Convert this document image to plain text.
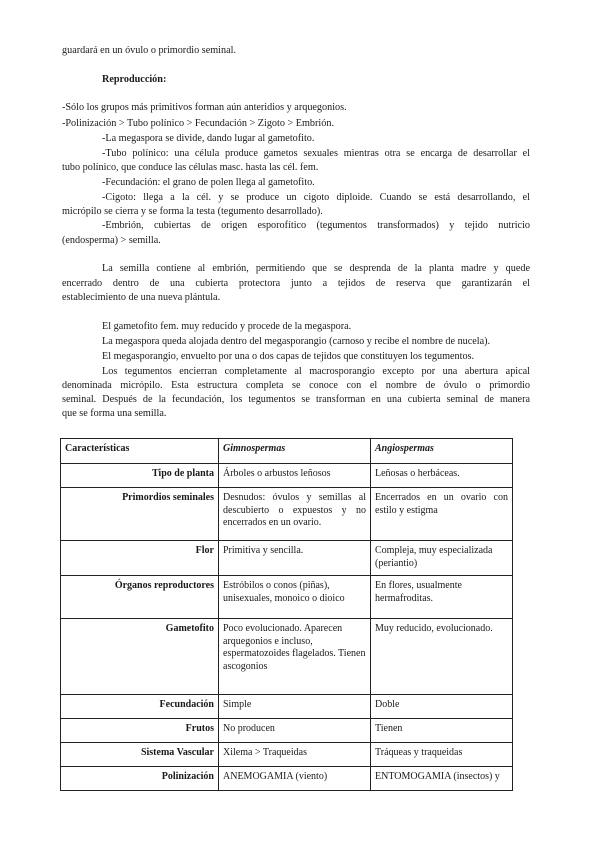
guardará en un óvulo o primordio seminal.
Reproducción:
-Sólo los grupos más primitivos forman aún anteridios y arquegonios.
-Polinización > Tubo polínico > Fecundación > Zigoto > Embrión.
-La megaspora se divide, dando lugar al gametofito.
-Tubo polínico: una célula produce gametos sexuales mientras otra se encarga de desarrollar el
tubo polínico, que conduce las células masc. hasta las cél. fem.
-Fecundación: el grano de polen llega al gametofito.
-Cigoto: llega a la cél. y se produce un cigoto diploide. Cuando se está desarrollando, el
micrópilo se cierra y se forma la testa (tegumento desarrollado).
-Embrión, cubiertas de origen esporofítico (tegumentos transformados) y tejido nutricio
(endosperma) > semilla.
La semilla contiene al embrión, permitiendo que se desprenda de la planta madre y quede
encerrado dentro de una cubierta protectora junto a tejidos de reserva que garantizarán el
establecimiento de una nueva plántula.
El gametofito fem. muy reducido y procede de la megaspora.
La megaspora queda alojada dentro del megasporangio (carnoso y recibe el nombre de nucela).
El megasporangio, envuelto por una o dos capas de tejidos que constituyen los tegumentos.
Los tegumentos encierran completamente al macrosporangio excepto por una abertura apical
denominada micrópilo. Esta estructura completa se conoce con el nombre de óvulo o primordio
seminal. Después de la fecundación, los tegumentos se transforman en una cubierta seminal de manera
que se forma una semilla.
Características	Gimnospermas	Angiospermas
Tipo de planta	Árboles o arbustos leñosos	Leñosas o herbáceas.
Primordios seminales	Desnudos: óvulos y semillas al descubierto o expuestos y no encerrados en un ovario.	Encerrados en un ovario con estilo y estigma
Flor	Primitiva y sencilla.	Compleja, muy especializada (periantio)
Órganos reproductores	Estróbilos o conos (piñas), unisexuales, monoico o dioico	En flores, usualmente hermafroditas.
Gametofito	Poco evolucionado. Aparecen arquegonios e incluso, espermatozoides flagelados. Tienen ascogonios	Muy reducido, evolucionado.
Fecundación	Simple	Doble
Frutos	No producen	Tienen
Sistema Vascular	Xilema > Traqueidas	Tráqueas y traqueidas
Polinización	ANEMOGAMIA (viento)	ENTOMOGAMIA (insectos) y
